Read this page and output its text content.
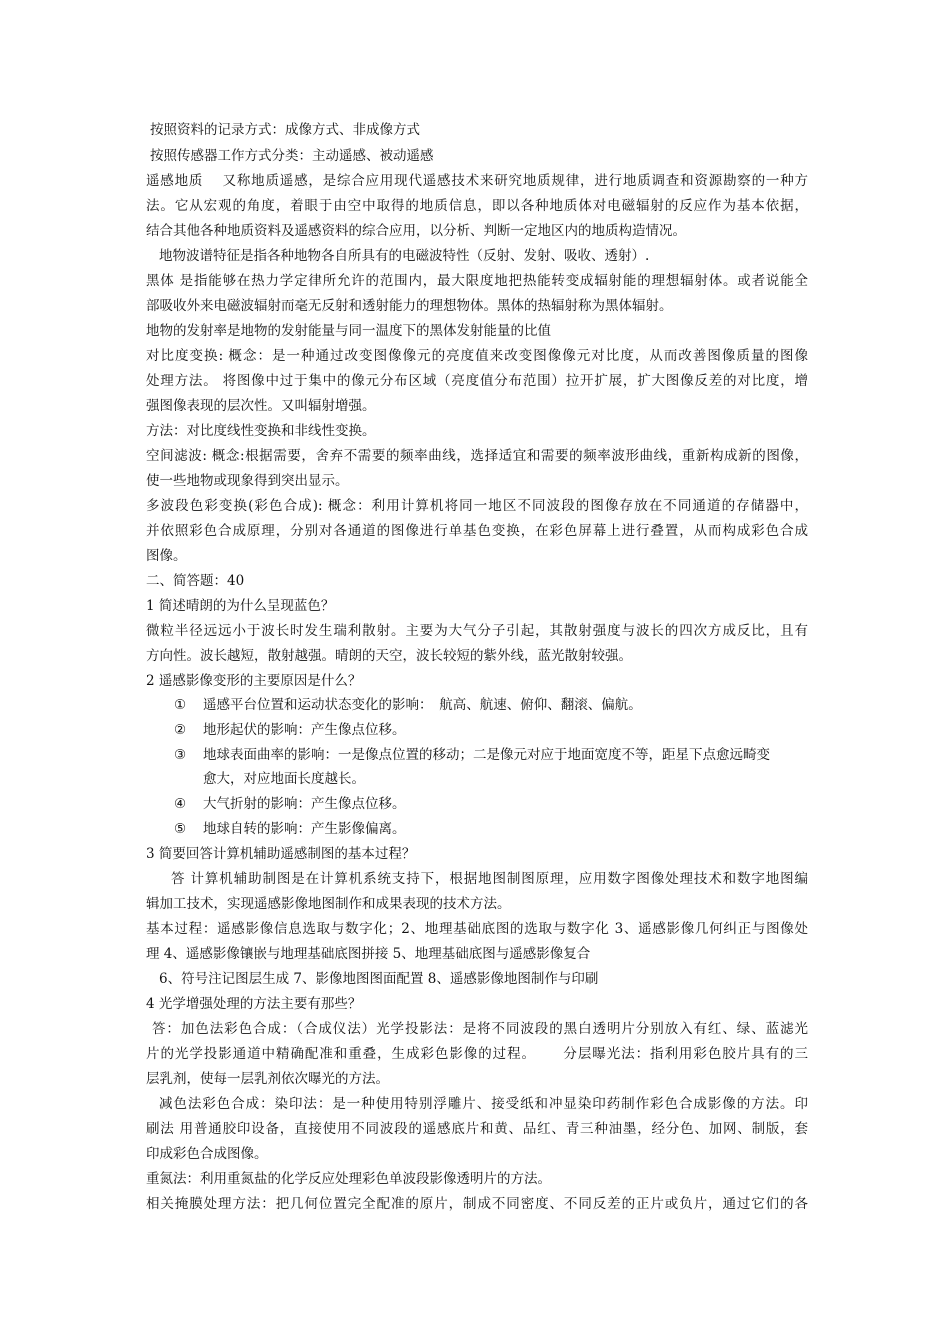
按照资料的记录方式：成像方式、非成像方式
按照传感器工作方式分类：主动遥感、被动遥感
遥感地质　 又称地质遥感，是综合应用现代遥感技术来研究地质规律，进行地质调查和资源勘察的一种方
法。它从宏观的角度，着眼于由空中取得的地质信息，即以各种地质体对电磁辐射的反应作为基本依据，
结合其他各种地质资料及遥感资料的综合应用，以分析、判断一定地区内的地质构造情况。
地物波谱特征是指各种地物各自所具有的电磁波特性（反射、发射、吸收、透射）.
黑体 是指能够在热力学定律所允许的范围内，最大限度地把热能转变成辐射能的理想辐射体。或者说能全
部吸收外来电磁波辐射而毫无反射和透射能力的理想物体。黑体的热辐射称为黑体辐射。
地物的发射率是地物的发射能量与同一温度下的黑体发射能量的比值
对比度变换: 概念：是一种通过改变图像像元的亮度值来改变图像像元对比度，从而改善图像质量的图像
处理方法。 将图像中过于集中的像元分布区域（亮度值分布范围）拉开扩展，扩大图像反差的对比度，增
强图像表现的层次性。又叫辐射增强。
方法：对比度线性变换和非线性变换。
空间滤波: 概念:根据需要，舍弃不需要的频率曲线，选择适宜和需要的频率波形曲线，重新构成新的图像，
使一些地物或现象得到突出显示。
多波段色彩变换(彩色合成): 概念：利用计算机将同一地区不同波段的图像存放在不同通道的存储器中，
并依照彩色合成原理，分别对各通道的图像进行单基色变换，在彩色屏幕上进行叠置，从而构成彩色合成
图像。
二、简答题：40
1 简述晴朗的为什么呈现蓝色？
微粒半径远远小于波长时发生瑞利散射。主要为大气分子引起，其散射强度与波长的四次方成反比，且有
方向性。波长越短，散射越强。晴朗的天空，波长较短的紫外线，蓝光散射较强。
2 遥感影像变形的主要原因是什么？
① 遥感平台位置和运动状态变化的影响：　航高、航速、俯仰、翻滚、偏航。
② 地形起伏的影响：产生像点位移。
③ 地球表面曲率的影响：一是像点位置的移动；二是像元对应于地面宽度不等，距星下点愈远畸变
愈大，对应地面长度越长。
④ 大气折射的影响：产生像点位移。
⑤ 地球自转的影响：产生影像偏离。
3 简要回答计算机辅助遥感制图的基本过程？
答 计算机辅助制图是在计算机系统支持下，根据地图制图原理，应用数字图像处理技术和数字地图编
辑加工技术，实现遥感影像地图制作和成果表现的技术方法。
基本过程：遥感影像信息选取与数字化；2、地理基础底图的选取与数字化 3、遥感影像几何纠正与图像处
理 4、遥感影像镶嵌与地理基础底图拼接 5、地理基础底图与遥感影像复合
6、符号注记图层生成 7、影像地图图面配置 8、遥感影像地图制作与印刷
4 光学增强处理的方法主要有那些？
答：加色法彩色合成：（合成仪法）光学投影法：是将不同波段的黑白透明片分别放入有红、绿、蓝滤光
片的光学投影通道中精确配准和重叠，生成彩色影像的过程。　　 分层曝光法：指利用彩色胶片具有的三
层乳剂，使每一层乳剂依次曝光的方法。
减色法彩色合成：染印法：是一种使用特别浮雕片、接受纸和冲显染印药制作彩色合成影像的方法。印
刷法 用普通胶印设备，直接使用不同波段的遥感底片和黄、品红、青三种油墨，经分色、加网、制版，套
印成彩色合成图像。
重氮法：利用重氮盐的化学反应处理彩色单波段影像透明片的方法。
相关掩膜处理方法：把几何位置完全配准的原片，制成不同密度、不同反差的正片或负片，通过它们的各
